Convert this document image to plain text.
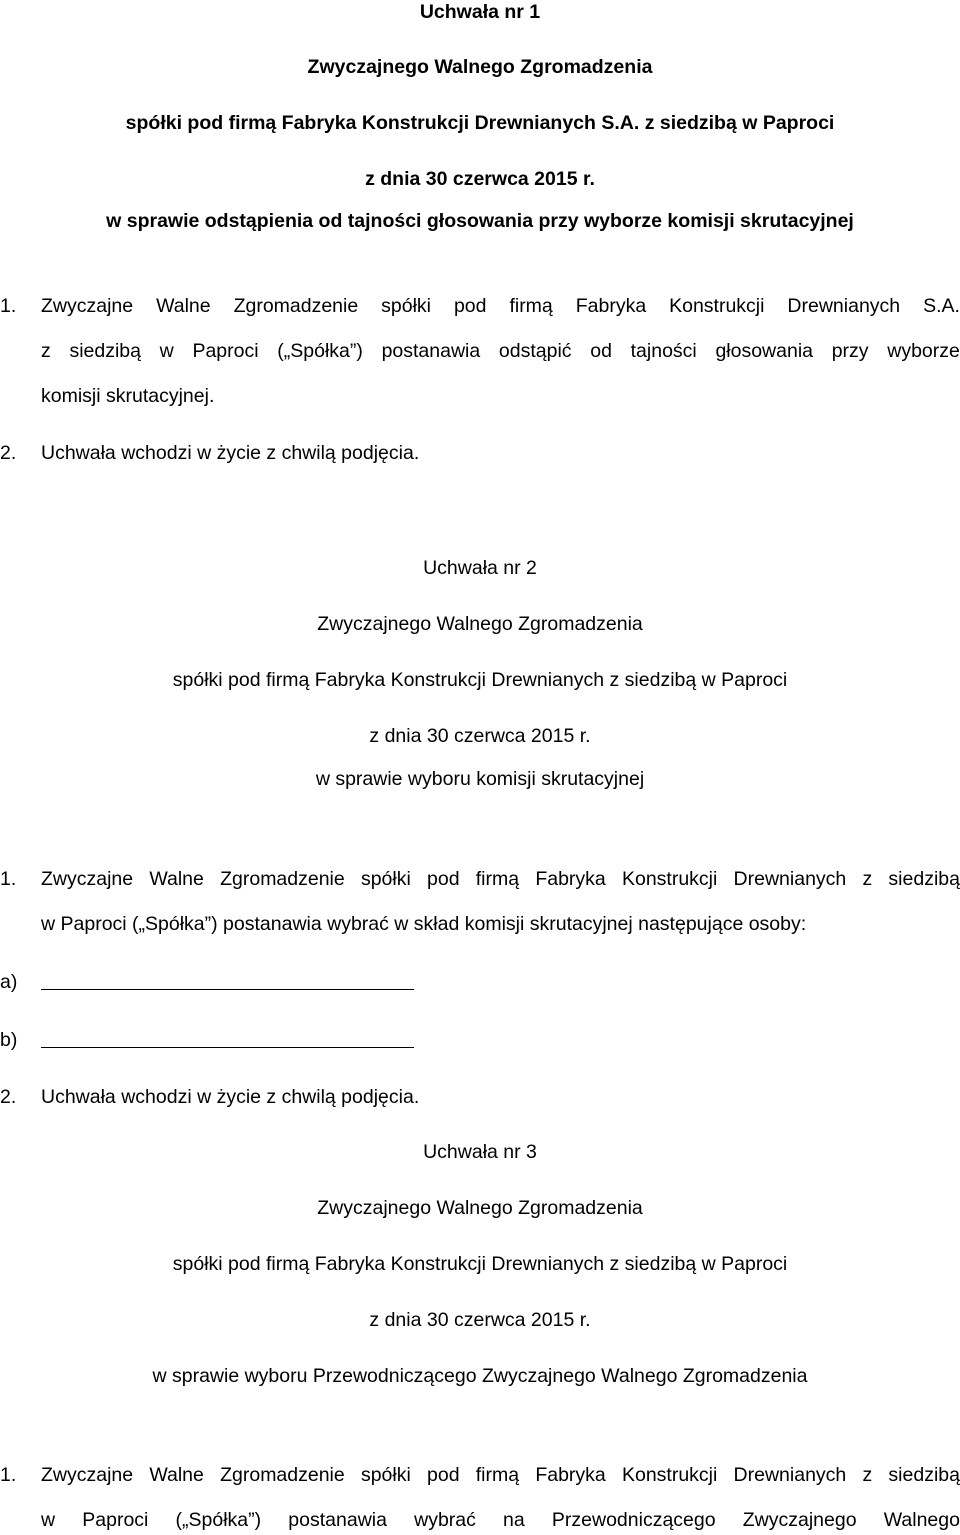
Uchwała nr 1
Zwyczajnego Walnego Zgromadzenia
spółki pod firmą Fabryka Konstrukcji Drewnianych S.A. z siedzibą w Paproci
z dnia 30 czerwca 2015 r.
w sprawie odstąpienia od tajności głosowania przy wyborze komisji skrutacyjnej
1. Zwyczajne Walne Zgromadzenie spółki pod firmą Fabryka Konstrukcji Drewnianych S.A.
z siedzibą w Paproci („Spółka”) postanawia odstąpić od tajności głosowania przy wyborze
komisji skrutacyjnej.
2. Uchwała wchodzi w życie z chwilą podjęcia.
Uchwała nr 2
Zwyczajnego Walnego Zgromadzenia
spółki pod firmą Fabryka Konstrukcji Drewnianych z siedzibą w Paproci
z dnia 30 czerwca 2015 r.
w sprawie wyboru komisji skrutacyjnej
1. Zwyczajne Walne Zgromadzenie spółki pod firmą Fabryka Konstrukcji Drewnianych z siedzibą
w Paproci („Spółka”) postanawia wybrać w skład komisji skrutacyjnej następujące osoby:
a)
b)
2. Uchwała wchodzi w życie z chwilą podjęcia.
Uchwała nr 3
Zwyczajnego Walnego Zgromadzenia
spółki pod firmą Fabryka Konstrukcji Drewnianych z siedzibą w Paproci
z dnia 30 czerwca 2015 r.
w sprawie wyboru Przewodniczącego Zwyczajnego Walnego Zgromadzenia
1. Zwyczajne Walne Zgromadzenie spółki pod firmą Fabryka Konstrukcji Drewnianych z siedzibą
w Paproci („Spółka”) postanawia wybrać na Przewodniczącego Zwyczajnego Walnego
